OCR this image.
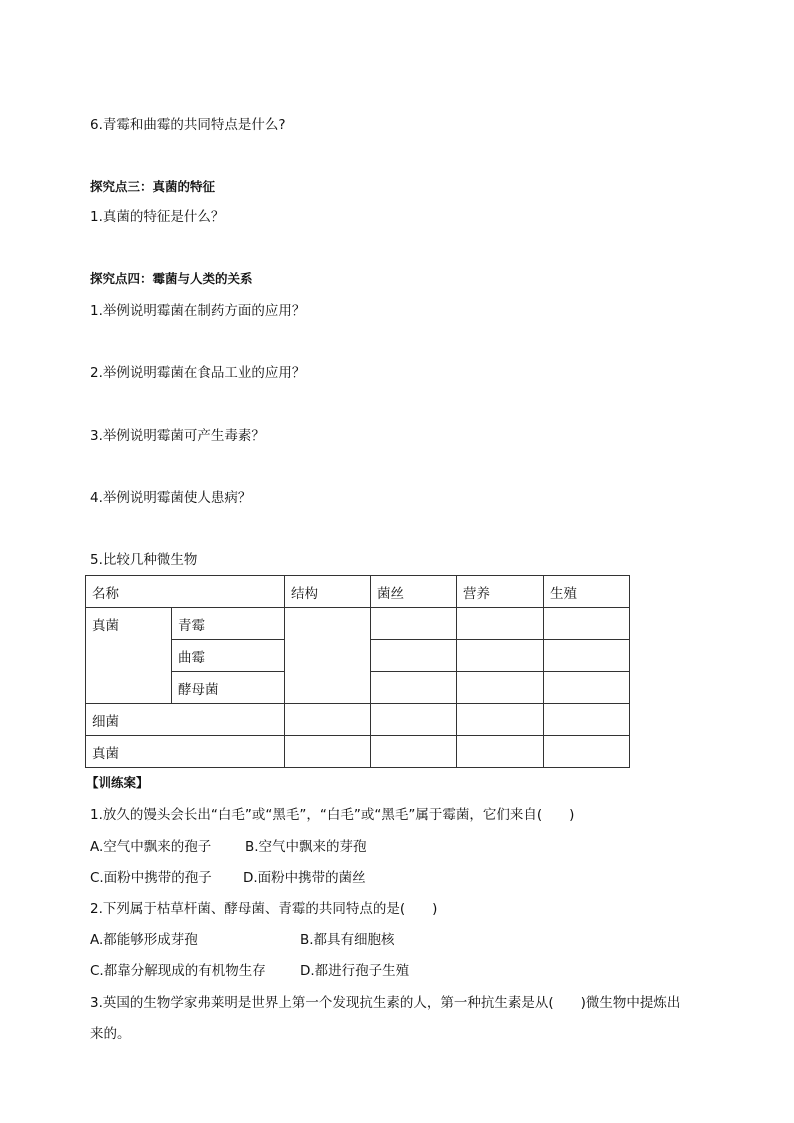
6.青霉和曲霉的共同特点是什么?
探究点三：真菌的特征
1.真菌的特征是什么？
探究点四：霉菌与人类的关系
1.举例说明霉菌在制药方面的应用？
2.举例说明霉菌在食品工业的应用？
3.举例说明霉菌可产生毒素？
4.举例说明霉菌使人患病？
5.比较几种微生物
名称		结构	菌丝	营养	生殖
真菌	青霉				
	曲霉				
	酵母菌				
细菌					
真菌					
【训练案】
1.放久的馒头会长出“白毛”或“黑毛”，“白毛”或“黑毛”属于霉菌，它们来自(　　)
A.空气中飘来的孢子 B.空气中飘来的芽孢
C.面粉中携带的孢子 D.面粉中携带的菌丝
2.下列属于枯草杆菌、酵母菌、青霉的共同特点的是(　　)
A.都能够形成芽孢	B.都具有细胞核
C.都靠分解现成的有机物生存	D.都进行孢子生殖
3.英国的生物学家弗莱明是世界上第一个发现抗生素的人，第一种抗生素是从(　　)微生物中提炼出
来的。
